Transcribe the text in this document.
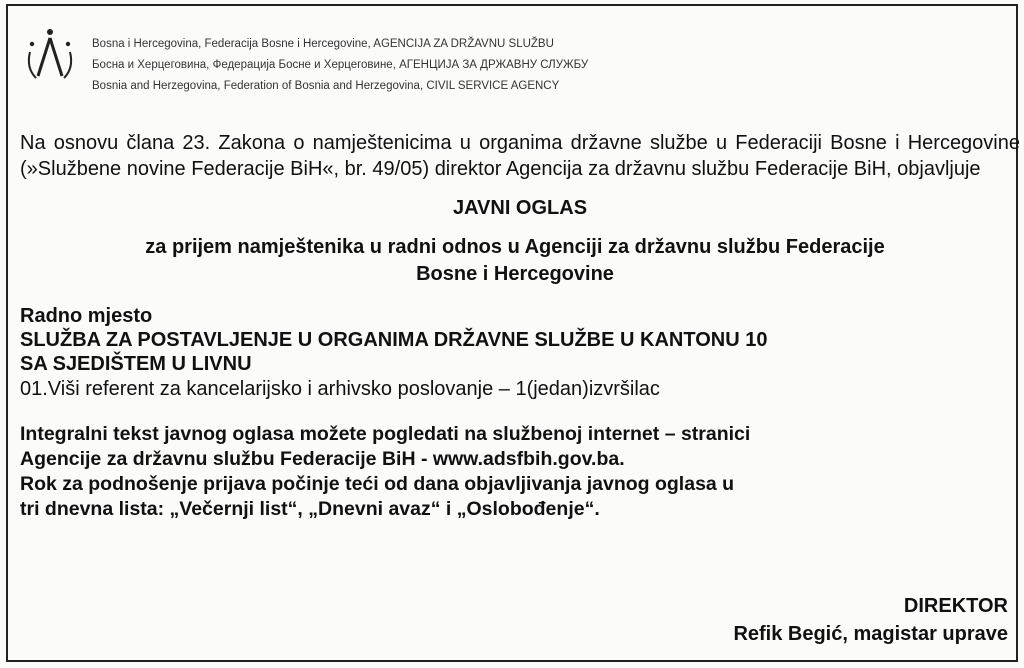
Bosna i Hercegovina, Federacija Bosne i Hercegovine, AGENCIJA ZA DRŽAVNU SLUŽBU
Босна и Херцеговина, Федерација Босне и Херцеговине, АГЕНЦИЈА ЗА ДРЖАВНУ СЛУЖБУ
Bosnia and Herzegovina, Federation of Bosnia and Herzegovina, CIVIL SERVICE AGENCY

Na osnovu člana 23. Zakona o namještenicima u organima državne službe u Federaciji Bosne i Hercegovine (»Službene novine Federacije BiH«, br. 49/05) direktor Agencija za državnu službu Federacije BiH, objavljuje

JAVNI OGLAS
za prijem namještenika u radni odnos u Agenciji za državnu službu Federacije
Bosne i Hercegovine
Radno mjesto
SLUŽBA ZA POSTAVLJENJE U ORGANIMA DRŽAVNE SLUŽBE U KANTONU 10
SA SJEDIŠTEM U LIVNU
01.Viši referent za kancelarijsko i arhivsko poslovanje – 1(jedan)izvršilac
Integralni tekst javnog oglasa možete pogledati na službenoj internet – stranici
Agencije za državnu službu Federacije BiH - www.adsfbih.gov.ba.
Rok za podnošenje prijava počinje teći od dana objavljivanja javnog oglasa u
tri dnevna lista: „Večernji list“, „Dnevni avaz“ i „Oslobođenje“.
DIREKTOR
Refik Begić, magistar uprave
